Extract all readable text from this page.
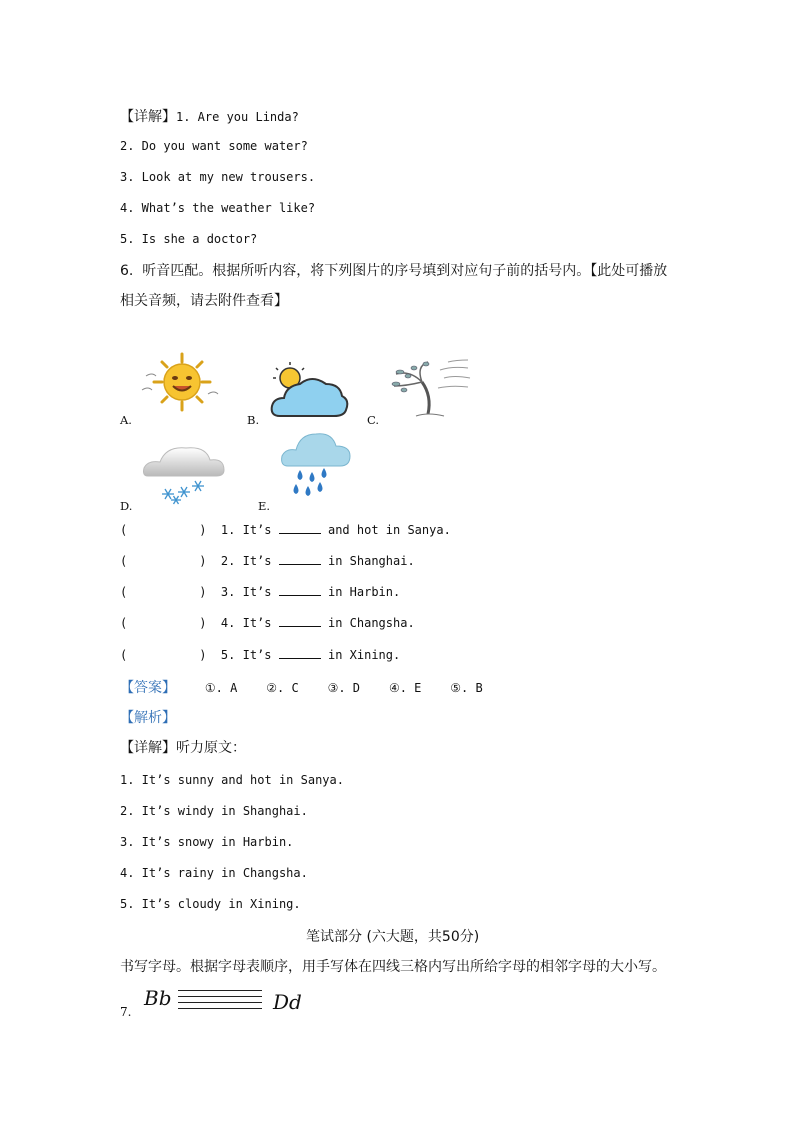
【详解】1. Are you Linda?
2. Do you want some water?
3. Look at my new trousers.
4. What’s the weather like?
5. Is she a doctor?
6.  听音匹配。根据所听内容，将下列图片的序号填到对应句子前的括号内。【此处可播放
相关音频，请去附件查看】
A.	B.	C.
D.	E.
(	) 1. It’s	and hot in Sanya.
(	) 2. It’s	in Shanghai.
(	) 3. It’s	in Harbin.
(	) 4. It’s	in Changsha.
(	) 5. It’s	in Xining.
【答案】 ①. A ②. C ③. D ④. E ⑤. B
【解析】
【详解】听力原文：
1. It’s sunny and hot in Sanya.
2. It’s windy in Shanghai.
3. It’s snowy in Harbin.
4. It’s rainy in Changsha.
5. It’s cloudy in Xining.
笔试部分 (六大题，共50分)
书写字母。根据字母表顺序，用手写体在四线三格内写出所给字母的相邻字母的大小写。
7.
Bb	Dd
